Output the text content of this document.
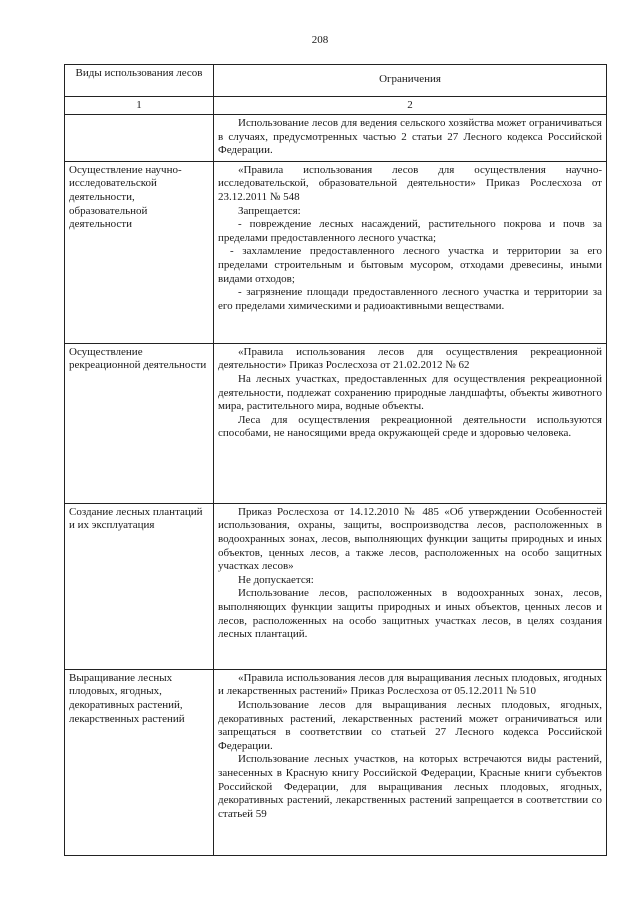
208
Виды использования лесов	Ограничения
1	2

	Использование лесов для ведения сельского хозяйства может ограничиваться в случаях, предусмотренных частью 2 статьи 27 Лесного кодекса Российской Федерации.

Осуществление научно-исследовательской деятельности, образовательной деятельности	«Правила использования лесов для осуществления научно-исследовательской, образовательной деятельности» Приказ Рослесхоза от 23.12.2011 № 548

Запрещается:

- повреждение лесных насаждений, растительного покрова и почв за пределами предоставленного лесного участка;

- захламление предоставленного лесного участка и территории за его пределами строительным и бытовым мусором, отходами древесины, иными видами отходов;

- загрязнение площади предоставленного лесного участка и территории за его пределами химическими и радиоактивными веществами.

Осуществление рекреационной деятельности	«Правила использования лесов для осуществления рекреационной деятельности» Приказ Рослесхоза от 21.02.2012 № 62

На лесных участках, предоставленных для осуществления рекреационной деятельности, подлежат сохранению природные ландшафты, объекты животного мира, растительного мира, водные объекты.

Леса для осуществления рекреационной деятельности используются способами, не наносящими вреда окружающей среде и здоровью человека.

Создание лесных плантаций и их эксплуатация	Приказ Рослесхоза от 14.12.2010 № 485 «Об утверждении Особенностей использования, охраны, защиты, воспроизводства лесов, расположенных в водоохранных зонах, лесов, выполняющих функции защиты природных и иных объектов, ценных лесов, а также лесов, расположенных на особо защитных участках лесов»

Не допускается:

Использование лесов, расположенных в водоохранных зонах, лесов, выполняющих функции защиты природных и иных объектов, ценных лесов и лесов, расположенных на особо защитных участках лесов, в целях создания лесных плантаций.

Выращивание лесных плодовых, ягодных, декоративных растений, лекарственных растений	«Правила использования лесов для выращивания лесных плодовых, ягодных и лекарственных растений» Приказ Рослесхоза от 05.12.2011 № 510

Использование лесов для выращивания лесных плодовых, ягодных, декоративных растений, лекарственных растений может ограничиваться или запрещаться в соответствии со статьей 27 Лесного кодекса Российской Федерации.

Использование лесных участков, на которых встречаются виды растений, занесенных в Красную книгу Российской Федерации, Красные книги субъектов Российской Федерации, для выращивания лесных плодовых, ягодных, декоративных растений, лекарственных растений запрещается в соответствии со статьей 59
